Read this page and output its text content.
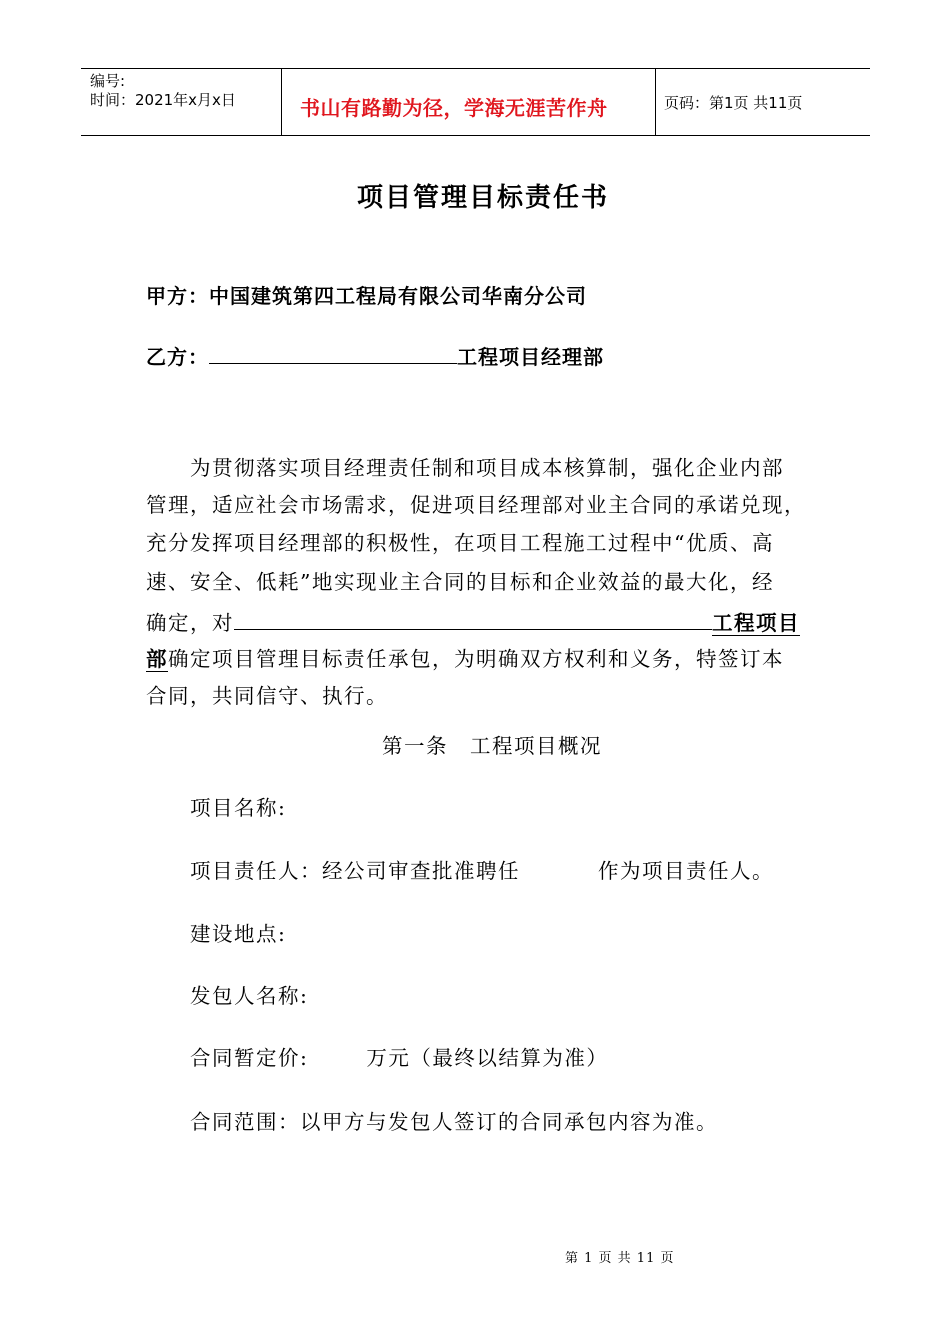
编号:
时间：2021年x月x日	书山有路勤为径，学海无涯苦作舟	页码：第1页 共11页
项目管理目标责任书
甲方：中国建筑第四工程局有限公司华南分公司
乙方：	工程项目经理部
为贯彻落实项目经理责任制和项目成本核算制，强化企业内部
管理，适应社会市场需求，促进项目经理部对业主合同的承诺兑现，
充分发挥项目经理部的积极性，在项目工程施工过程中“优质、高
速、安全、低耗”地实现业主合同的目标和企业效益的最大化，经
确定，对	工程项目
部确定项目管理目标责任承包，为明确双方权利和义务，特签订本
合同，共同信守、执行。
第一条　工程项目概况
项目名称:
项目责任人：经公司审查批准聘任	作为项目责任人。
建设地点:
发包人名称:
合同暂定价:	万元（最终以结算为准）
合同范围：以甲方与发包人签订的合同承包内容为准。
第 1 页 共 11 页
